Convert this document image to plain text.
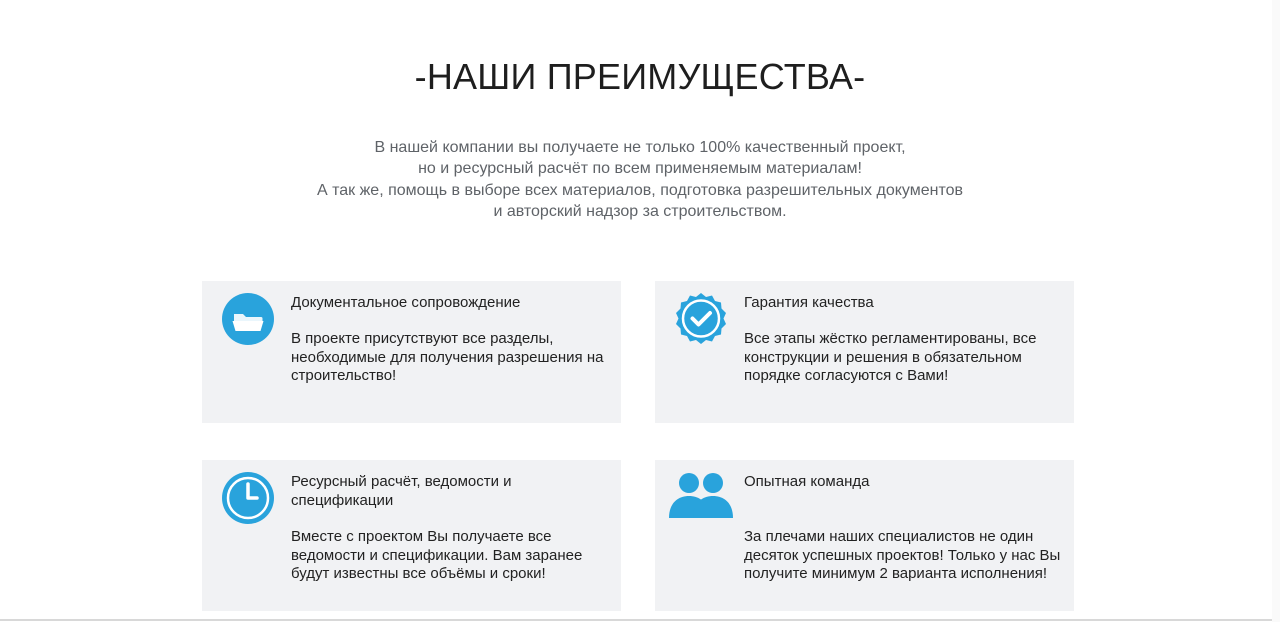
-НАШИ ПРЕИМУЩЕСТВА-

В нашей компании вы получаете не только 100% качественный проект,
но и ресурсный расчёт по всем применяемым материалам!
А так же, помощь в выборе всех материалов, подготовка разрешительных документов
и авторский надзор за строительством.

Документальное сопровождение
В проекте присутствуют все разделы, необходимые для получения разрешения на строительство!
Гарантия качества
Все этапы жёстко регламентированы, все конструкции и решения в обязательном порядке согласуются с Вами!
Ресурсный расчёт, ведомости и спецификации
Вместе с проектом Вы получаете все ведомости и спецификации. Вам заранее будут известны все объёмы и сроки!
Опытная команда
За плечами наших специалистов не один десяток успешных проектов! Только у нас Вы получите минимум 2 варианта исполнения!
